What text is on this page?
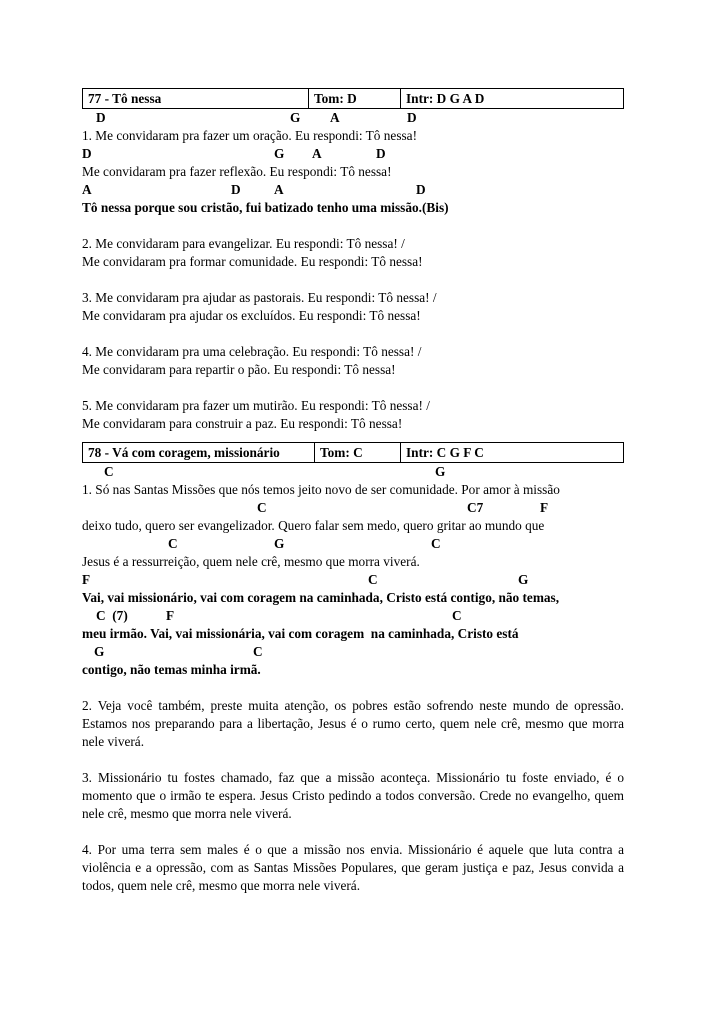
77 - Tô nessa	Tom: D	Intr: D G A D

D

	G

A

	D

1. Me convidaram pra fazer um oração. Eu respondi: Tô nessa!

D

	G

A

	D

Me convidaram pra fazer reflexão. Eu respondi: Tô nessa!

A

	D

	A

	D

Tô nessa porque sou cristão, fui batizado tenho uma missão.(Bis)
2. Me convidaram para evangelizar. Eu respondi: Tô nessa! /
Me convidaram pra formar comunidade. Eu respondi: Tô nessa!
3. Me convidaram pra ajudar as pastorais. Eu respondi: Tô nessa! /
Me convidaram pra ajudar os excluídos. Eu respondi: Tô nessa!
4. Me convidaram pra uma celebração. Eu respondi: Tô nessa! /
Me convidaram para repartir o pão. Eu respondi: Tô nessa!
5. Me convidaram pra fazer um mutirão. Eu respondi: Tô nessa! /
Me convidaram para construir a paz. Eu respondi: Tô nessa!
78 - Vá com coragem, missionário	Tom: C	Intr: C G F C

C

	G

1. Só nas Santas Missões que nós temos jeito novo de ser comunidade. Por amor à missão

C

	C7

	F

deixo tudo, quero ser evangelizador. Quero falar sem medo, quero gritar ao mundo que

C

	G

	C

Jesus é a ressurreição, quem nele crê, mesmo que morra viverá.

F

	C

	G

Vai, vai missionário, vai com coragem na caminhada, Cristo está contigo, não temas,

C  (7)

	F

	C

meu irmão. Vai, vai missionária, vai com coragem  na caminhada, Cristo está

G

	C

contigo, não temas minha irmã.
2. Veja você também, preste muita atenção, os pobres estão sofrendo neste mundo de opressão. Estamos nos preparando para a libertação, Jesus é o rumo certo, quem nele crê, mesmo que morra nele viverá.
3. Missionário tu fostes chamado, faz que a missão aconteça. Missionário tu foste enviado, é o momento que o irmão te espera. Jesus Cristo pedindo a todos conversão. Crede no evangelho, quem nele crê, mesmo que morra nele viverá.
4. Por uma terra sem males é o que a missão nos envia. Missionário é aquele que luta contra a violência e a opressão, com as Santas Missões Populares, que geram justiça e paz, Jesus convida a todos, quem nele crê, mesmo que morra nele viverá.
